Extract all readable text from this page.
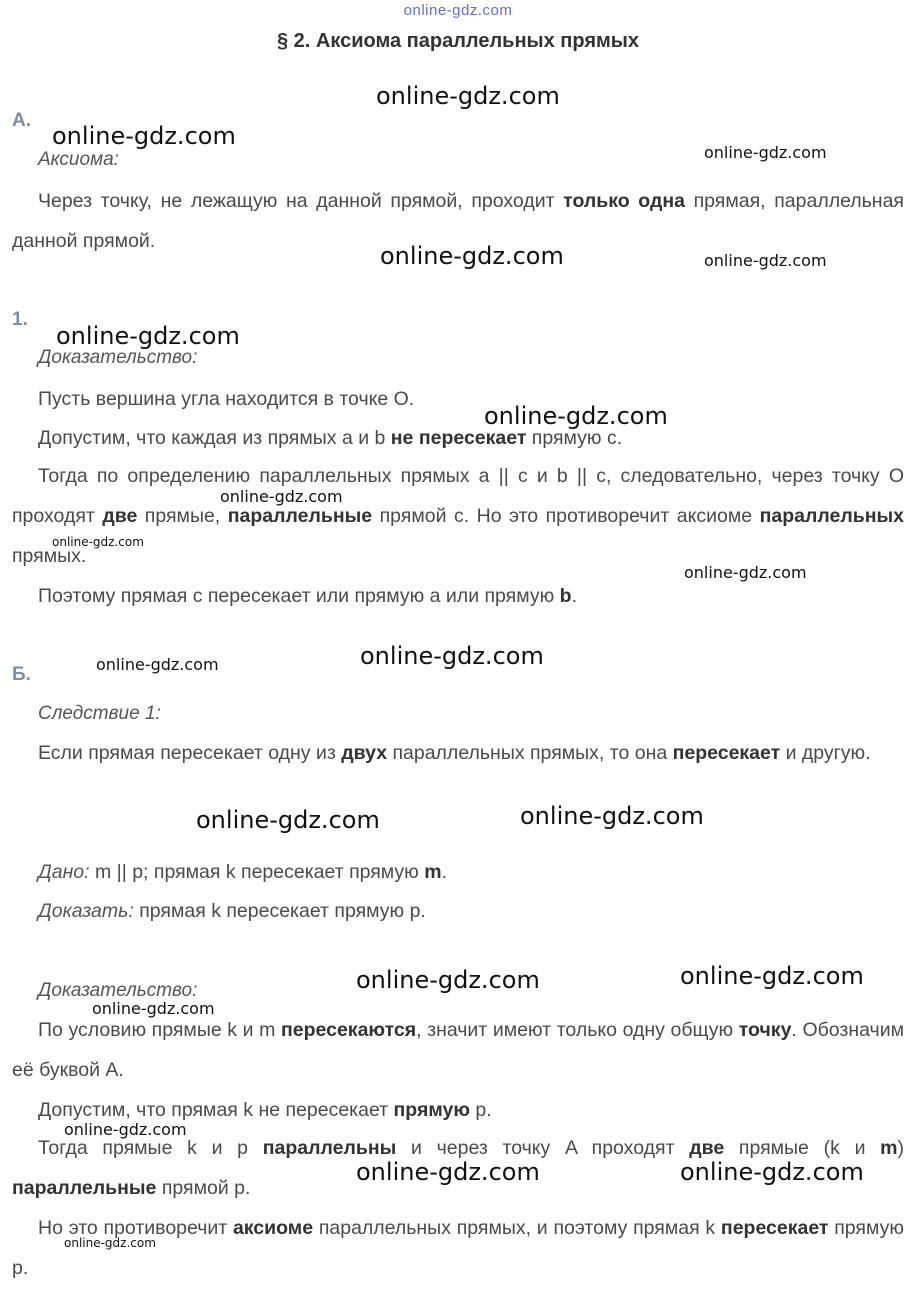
online-gdz.com
§ 2. Аксиома параллельных прямых
А.
Аксиома:
Через точку, не лежащую на данной прямой, проходит только одна прямая, параллельная данной прямой.
1.
Доказательство:
Пусть вершина угла находится в точке O.
Допустим, что каждая из прямых a и b не пересекает прямую c.
Тогда по определению параллельных прямых a || c и b || c, следовательно, через точку O проходят две прямые, параллельные прямой c. Но это противоречит аксиоме параллельных прямых.
Поэтому прямая c пересекает или прямую a или прямую b.
Б.
Следствие 1:
Если прямая пересекает одну из двух параллельных прямых, то она пересекает и другую.
Дано: m || p; прямая k пересекает прямую m.
Доказать: прямая k пересекает прямую p.
Доказательство:
По условию прямые k и m пересекаются, значит имеют только одну общую точку. Обозначим её буквой A.
Допустим, что прямая k не пересекает прямую p.
Тогда прямые k и p параллельны и через точку A проходят две прямые (k и m) параллельные прямой p.
Но это противоречит аксиоме параллельных прямых, и поэтому прямая k пересекает прямую p.
online-gdz.com
online-gdz.com
online-gdz.com
online-gdz.com	online-gdz.com
online-gdz.com
online-gdz.com
online-gdz.com
online-gdz.com
online-gdz.com
online-gdz.com
online-gdz.com
online-gdz.com
online-gdz.com
online-gdz.com
online-gdz.com
online-gdz.com
online-gdz.com
online-gdz.com	online-gdz.com
online-gdz.com
